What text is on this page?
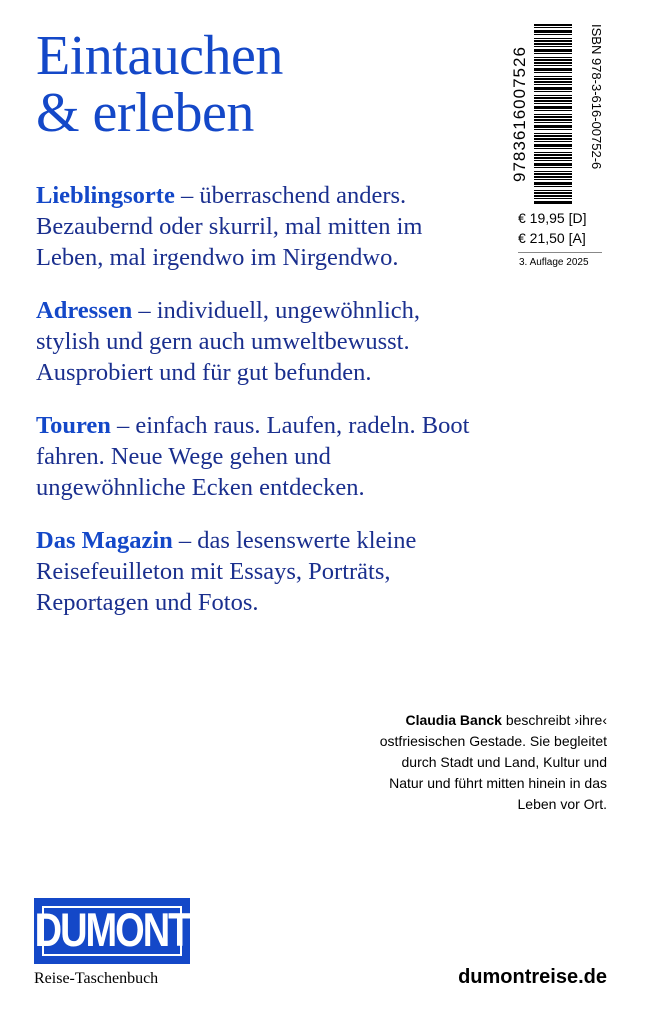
Eintauchen
& erleben

Lieblingsorte – überraschend anders. Bezaubernd oder skurril, mal mitten im Leben, mal irgendwo im Nirgendwo.

Adressen – individuell, ungewöhnlich, stylish und gern auch umweltbewusst. Ausprobiert und für gut befunden.

Touren – einfach raus. Laufen, radeln. Boot fahren. Neue Wege gehen und ungewöhnliche Ecken entdecken.

Das Magazin – das lesenswerte kleine Reisefeuilleton mit Essays, Porträts, Reportagen und Fotos.

9783616007526	ISBN 978-3-616-00752-6
€ 19,95 [D]
€ 21,50 [A]
3. Auflage 2025
Claudia Banck beschreibt ›ihre‹ ostfriesischen Gestade. Sie begleitet durch Stadt und Land, Kultur und Natur und führt mitten hinein in das Leben vor Ort.
DUMONT
Reise-Taschenbuch	dumontreise.de
